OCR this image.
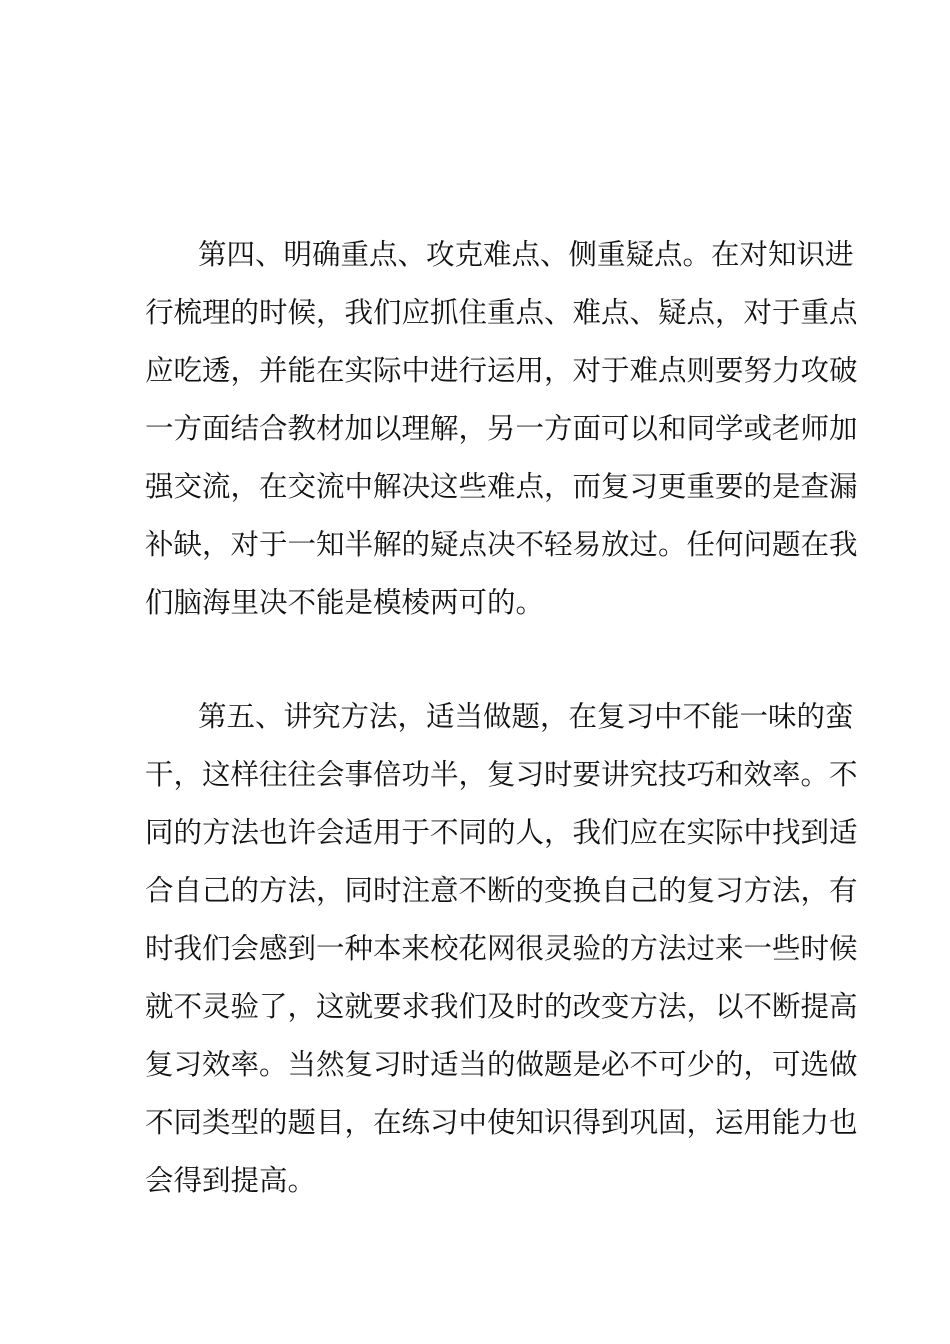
第四、明确重点、攻克难点、侧重疑点。在对知识进
行梳理的时候，我们应抓住重点、难点、疑点，对于重点
应吃透，并能在实际中进行运用，对于难点则要努力攻破
一方面结合教材加以理解，另一方面可以和同学或老师加
强交流，在交流中解决这些难点，而复习更重要的是查漏
补缺，对于一知半解的疑点决不轻易放过。任何问题在我
们脑海里决不能是模棱两可的。
第五、讲究方法，适当做题，在复习中不能一味的蛮
干，这样往往会事倍功半，复习时要讲究技巧和效率。不
同的方法也许会适用于不同的人，我们应在实际中找到适
合自己的方法，同时注意不断的变换自己的复习方法，有
时我们会感到一种本来校花网很灵验的方法过来一些时候
就不灵验了，这就要求我们及时的改变方法，以不断提高
复习效率。当然复习时适当的做题是必不可少的，可选做
不同类型的题目，在练习中使知识得到巩固，运用能力也
会得到提高。
